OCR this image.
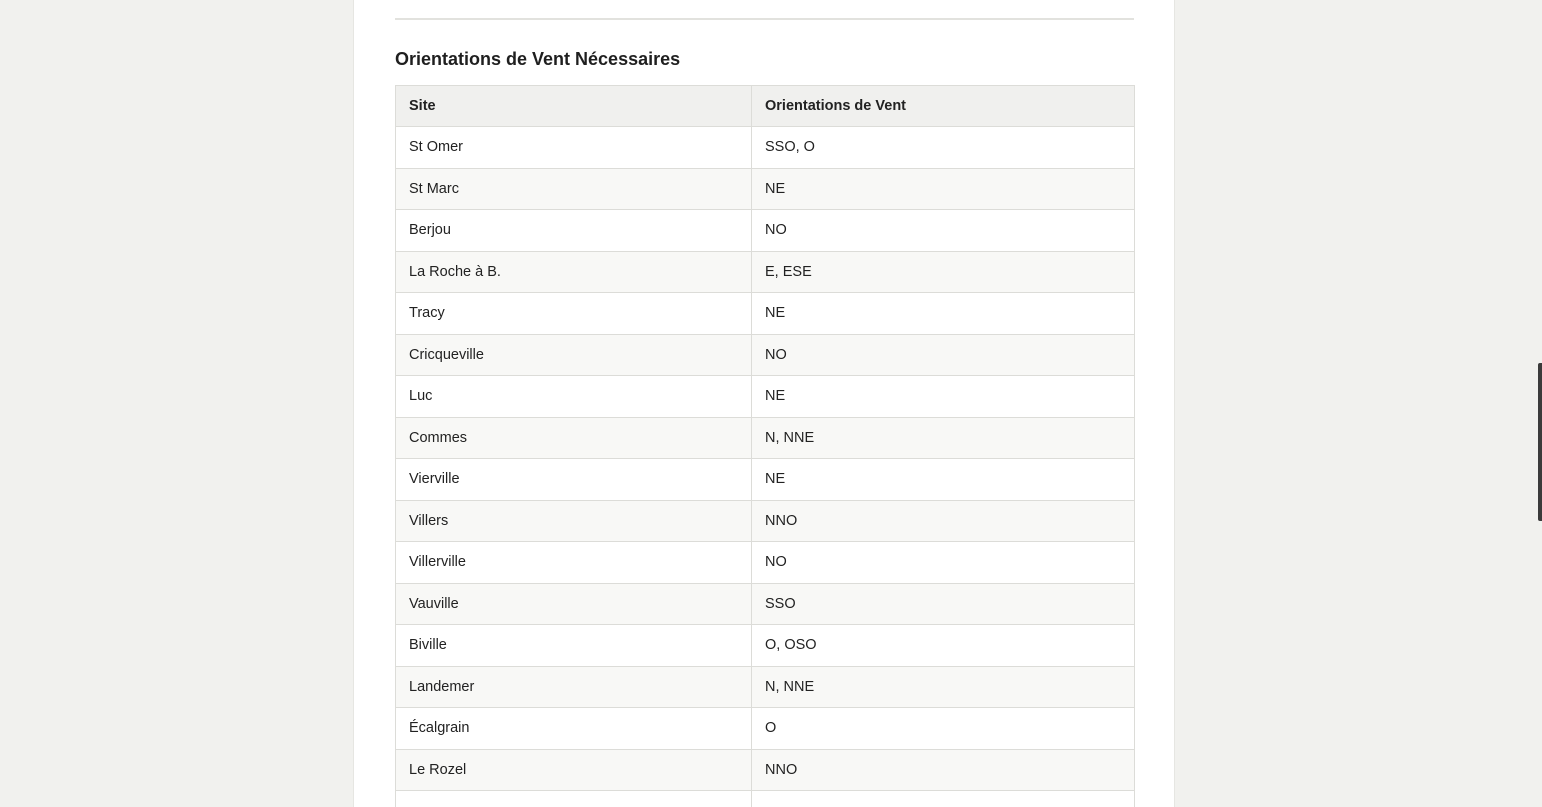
Orientations de Vent Nécessaires
Site	Orientations de Vent
St Omer	SSO, O
St Marc	NE
Berjou	NO
La Roche à B.	E, ESE
Tracy	NE
Cricqueville	NO
Luc	NE
Commes	N, NNE
Vierville	NE
Villers	NNO
Villerville	NO
Vauville	SSO
Biville	O, OSO
Landemer	N, NNE
Écalgrain	O
Le Rozel	NNO
